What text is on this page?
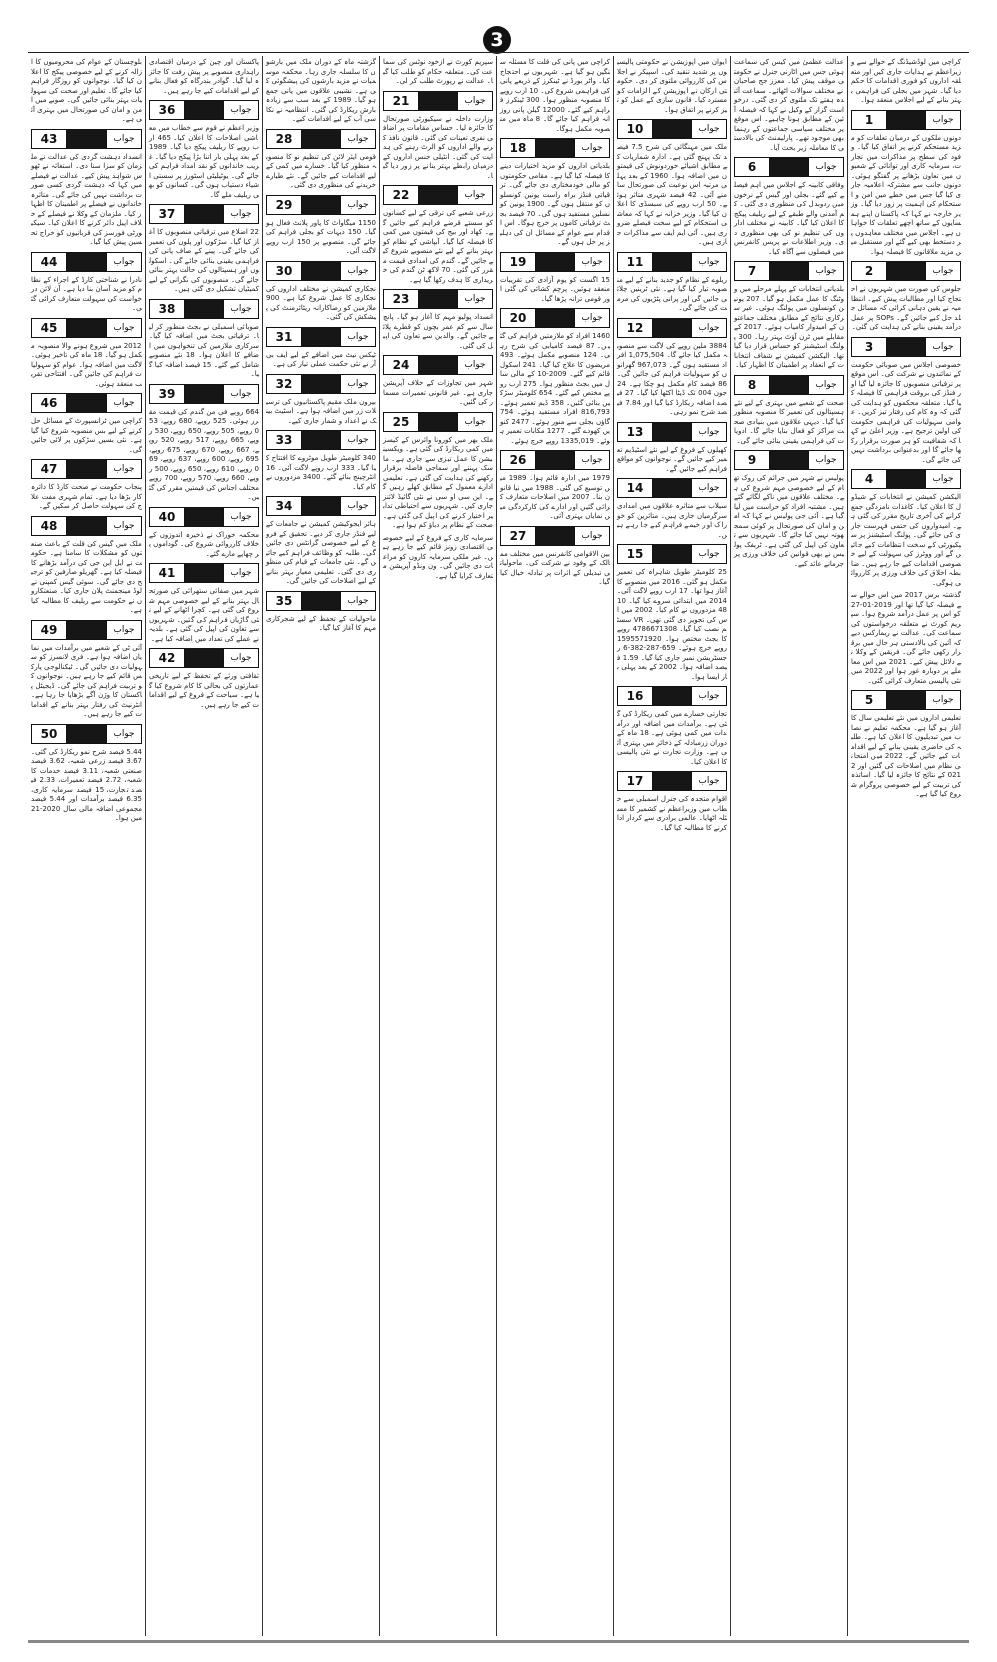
3

بلوچستان کے عوام کی محرومیوں کا ازالہ کرنے کے لیے خصوصی پیکج کا اعلان کیا گیا۔ نوجوانوں کو روزگار فراہم کیا جائے گا۔ تعلیم اور صحت کی سہولیات بہتر بنائی جائیں گی۔ صوبے میں امن و امان کی صورتحال میں بہتری آئی ہے۔

43	جواب

انسداد دہشت گردی کی عدالت نے ملزمان کو سزا سنا دی۔ استغاثہ نے ٹھوس شواہد پیش کیے۔ عدالت نے فیصلے میں کہا کہ دہشت گردی کسی صورت برداشت نہیں کی جائے گی۔ متاثرہ خاندانوں نے فیصلے پر اطمینان کا اظہار کیا۔ ملزمان کے وکلا نے فیصلے کے خلاف اپیل دائر کرنے کا اعلان کیا۔ سیکیورٹی فورسز کی قربانیوں کو خراج تحسین پیش کیا گیا۔

44	جواب

نادرا نے شناختی کارڈ کے اجراء کے نظام کو مزید آسان بنا دیا ہے۔ آن لائن درخواست کی سہولت متعارف کرائی گئی۔

45	جواب

2012 میں شروع ہونے والا منصوبہ مکمل ہو گیا۔ 18 ماہ کی تاخیر ہوئی۔ لاگت میں اضافہ ہوا۔ عوام کو سہولیات فراہم کی جائیں گی۔ افتتاحی تقریب منعقد ہوئی۔

46	جواب

کراچی میں ٹرانسپورٹ کے مسائل حل کرنے کے لیے بس منصوبہ شروع کیا گیا ہے۔ نئی بسیں سڑکوں پر لائی جائیں گی۔

47	جواب

پنجاب حکومت نے صحت کارڈ کا دائرہ کار بڑھا دیا ہے۔ تمام شہری مفت علاج کی سہولت حاصل کر سکیں گے۔

48	جواب

ملک میں گیس کی قلت کے باعث صنعتوں کو مشکلات کا سامنا ہے۔ حکومت نے ایل این جی کی درآمد بڑھانے کا فیصلہ کیا ہے۔ گھریلو صارفین کو ترجیح دی جائے گی۔ سوئی گیس کمپنی نے لوڈ مینجمنٹ پلان جاری کیا۔ صنعتکاروں نے حکومت سے ریلیف کا مطالبہ کیا ہے۔

49	جواب

آئی ٹی کے شعبے میں برآمدات میں نمایاں اضافہ ہوا ہے۔ فری لانسرز کو سہولیات دی جائیں گی۔ ٹیکنالوجی پارکس قائم کیے جا رہے ہیں۔ نوجوانوں کو تربیت فراہم کی جائے گی۔ ڈیجیٹل پاکستان کا وژن آگے بڑھایا جا رہا ہے۔ انٹرنیٹ کی رفتار بہتر بنانے کے اقدامات کیے جا رہے ہیں۔

50	جواب

5.44 فیصد شرح نمو ریکارڈ کی گئی۔ 3.67 فیصد زرعی شعبہ، 3.62 فیصد صنعتی شعبہ، 3.11 فیصد خدمات کا شعبہ، 2.72 فیصد تعمیرات، 2.33 فیصد تجارت، 15 فیصد سرمایہ کاری، 6.35 فیصد برآمدات اور 5.44 فیصد مجموعی اضافہ مالی سال 2020-21 میں ہوا۔

پاکستان اور چین کے درمیان اقتصادی راہداری منصوبے پر پیش رفت کا جائزہ لیا گیا۔ گوادر بندرگاہ کو فعال بنانے کے لیے اقدامات کیے جا رہے ہیں۔

36	جواب

وزیر اعظم نے قوم سے خطاب میں معاشی اصلاحات کا اعلان کیا۔ 465 ارب روپے کا ریلیف پیکج دیا گیا۔ 1989 کے بعد پہلی بار اتنا بڑا پیکج دیا گیا۔ غریب خاندانوں کو نقد امداد فراہم کی جائے گی۔ یوٹیلیٹی اسٹورز پر سستی اشیاء دستیاب ہوں گی۔ کسانوں کو بھی ریلیف ملے گا۔

37	جواب

22 اضلاع میں ترقیاتی منصوبوں کا آغاز کیا گیا۔ سڑکوں اور پلوں کی تعمیر کی جائے گی۔ پینے کے صاف پانی کی فراہمی یقینی بنائی جائے گی۔ اسکولوں اور ہسپتالوں کی حالت بہتر بنائی جائے گی۔ منصوبوں کی نگرانی کے لیے کمیٹیاں تشکیل دی گئی ہیں۔

38	جواب

صوبائی اسمبلی نے بجٹ منظور کر لیا۔ ترقیاتی بجٹ میں اضافہ کیا گیا۔ سرکاری ملازمین کی تنخواہوں میں اضافے کا اعلان ہوا۔ 18 نئے منصوبے شامل کیے گئے۔ 15 فیصد اضافہ کیا گیا۔

39	جواب

664 روپے فی من گندم کی قیمت مقرر ہوئی۔ 525 روپے، 680 روپے، 530 روپے، 505 روپے، 650 روپے، 530 روپے، 665 روپے، 517 روپے، 520 روپے، 667 روپے، 670 روپے، 675 روپے، 695 روپے، 600 روپے، 637 روپے، 690 روپے، 610 روپے، 650 روپے، 500 روپے، 660 روپے، 570 روپے، 700 روپے مختلف اجناس کی قیمتیں مقرر کی گئیں۔

40	جواب

محکمہ خوراک نے ذخیرہ اندوزوں کے خلاف کارروائی شروع کی۔ گوداموں پر چھاپے مارے گئے۔

41	جواب

شہر میں صفائی ستھرائی کی صورتحال بہتر بنانے کے لیے خصوصی مہم شروع کی گئی ہے۔ کچرا اٹھانے کے لیے نئی گاڑیاں فراہم کی گئیں۔ شہریوں سے تعاون کی اپیل کی گئی ہے۔ بلدیہ نے عملے کی تعداد میں اضافہ کیا ہے۔

42	جواب

ثقافتی ورثے کے تحفظ کے لیے تاریخی عمارتوں کی بحالی کا کام شروع کیا گیا ہے۔ سیاحت کے فروغ کے لیے اقدامات کیے جا رہے ہیں۔

گزشتہ ماہ کے دوران ملک میں بارشوں کا سلسلہ جاری رہا۔ محکمہ موسمیات نے مزید بارشوں کی پیشگوئی کی ہے۔ نشیبی علاقوں میں پانی جمع ہو گیا۔ 1989 کے بعد سب سے زیادہ بارش ریکارڈ کی گئی۔ انتظامیہ نے نکاسی آب کے لیے اقدامات کیے۔

28	جواب

قومی ایئر لائن کی تنظیم نو کا منصوبہ منظور کیا گیا۔ خسارے میں کمی کے لیے اقدامات کیے جائیں گے۔ نئے طیارے خریدنے کی منظوری دی گئی۔

29	جواب

1150 میگاواٹ کا پاور پلانٹ فعال ہو گیا۔ 150 دیہات کو بجلی فراہم کی جائے گی۔ منصوبے پر 150 ارب روپے لاگت آئی۔

30	جواب

نجکاری کمیشن نے مختلف اداروں کی نجکاری کا عمل شروع کیا ہے۔ 900 ملازمین کو رضاکارانہ ریٹائرمنٹ کی پیشکش کی گئی۔

31	جواب

ٹیکس نیٹ میں اضافے کے لیے ایف بی آر نے نئی حکمت عملی تیار کی ہے۔

32	جواب

بیرون ملک مقیم پاکستانیوں کی ترسیلات زر میں اضافہ ہوا ہے۔ اسٹیٹ بینک نے اعداد و شمار جاری کیے۔

33	جواب

340 کلومیٹر طویل موٹروے کا افتتاح کیا گیا۔ 333 ارب روپے لاگت آئی۔ 16 انٹرچینج بنائے گئے۔ 3400 مزدوروں نے کام کیا۔

34	جواب

ہائر ایجوکیشن کمیشن نے جامعات کے لیے فنڈز جاری کر دیے۔ تحقیق کے فروغ کے لیے خصوصی گرانٹس دی جائیں گی۔ طلبہ کو وظائف فراہم کیے جائیں گے۔ نئی جامعات کے قیام کی منظوری دی گئی۔ تعلیمی معیار بہتر بنانے کے لیے اصلاحات کی جائیں گی۔

35	جواب

ماحولیات کے تحفظ کے لیے شجرکاری مہم کا آغاز کیا گیا۔

سپریم کورٹ نے ازخود نوٹس کی سماعت کی۔ متعلقہ حکام کو طلب کیا گیا۔ عدالت نے رپورٹ طلب کر لی۔

21	جواب

وزارت داخلہ نے سیکیورٹی صورتحال کا جائزہ لیا۔ حساس مقامات پر اضافی نفری تعینات کی گئی۔ قانون نافذ کرنے والے اداروں کو الرٹ رہنے کی ہدایت کی گئی۔ انٹیلی جنس اداروں کے درمیان رابطے بہتر بنانے پر زور دیا گیا۔

22	جواب

زرعی شعبے کی ترقی کے لیے کسانوں کو سستے قرضے فراہم کیے جائیں گے۔ کھاد اور بیج کی قیمتوں میں کمی کا فیصلہ کیا گیا۔ آبپاشی کے نظام کو بہتر بنانے کے لیے نئے منصوبے شروع کیے جائیں گے۔ گندم کی امدادی قیمت مقرر کی گئی۔ 70 لاکھ ٹن گندم کی خریداری کا ہدف رکھا گیا ہے۔

23	جواب

انسداد پولیو مہم کا آغاز ہو گیا۔ پانچ سال سے کم عمر بچوں کو قطرے پلائے جائیں گے۔ والدین سے تعاون کی اپیل کی گئی۔

24	جواب

شہر میں تجاوزات کے خلاف آپریشن جاری ہے۔ غیر قانونی تعمیرات مسمار کی گئیں۔

25	جواب

ملک بھر میں کورونا وائرس کے کیسز میں کمی ریکارڈ کی گئی ہے۔ ویکسینیشن کا عمل تیزی سے جاری ہے۔ ماسک پہننے اور سماجی فاصلہ برقرار رکھنے کی ہدایت کی گئی ہے۔ تعلیمی ادارے معمول کے مطابق کھلے رہیں گے۔ این سی او سی نے نئی گائیڈ لائنز جاری کیں۔ شہریوں سے احتیاطی تدابیر اختیار کرنے کی اپیل کی گئی ہے۔ صحت کے نظام پر دباؤ کم ہوا ہے۔

سرمایہ کاری کے فروغ کے لیے خصوصی اقتصادی زونز قائم کیے جا رہے ہیں۔ غیر ملکی سرمایہ کاروں کو مراعات دی جائیں گی۔ ون ونڈو آپریشن متعارف کرایا گیا ہے۔

کراچی میں پانی کی قلت کا مسئلہ سنگین ہو گیا ہے۔ شہریوں نے احتجاج کیا۔ واٹر بورڈ نے ٹینکرز کے ذریعے پانی کی فراہمی شروع کی۔ 10 ارب روپے کا منصوبہ منظور ہوا۔ 300 ٹینکرز فراہم کیے گئے۔ 12000 گیلن پانی روزانہ فراہم کیا جائے گا۔ 8 ماہ میں منصوبہ مکمل ہوگا۔

18	جواب

بلدیاتی اداروں کو مزید اختیارات دینے کا فیصلہ کیا گیا ہے۔ مقامی حکومتوں کو مالی خودمختاری دی جائے گی۔ ترقیاتی فنڈز براہ راست یونین کونسلوں کو منتقل ہوں گے۔ 1900 یونین کونسلیں مستفید ہوں گی۔ 70 فیصد بجٹ ترقیاتی کاموں پر خرچ ہوگا۔ اس اقدام سے عوام کے مسائل ان کی دہلیز پر حل ہوں گے۔

19	جواب

15 اگست کو یوم آزادی کی تقریبات منعقد ہوئیں۔ پرچم کشائی کی گئی اور قومی ترانہ پڑھا گیا۔

20	جواب

1460 افراد کو ملازمتیں فراہم کی گئیں۔ 87 فیصد کامیابی کی شرح رہی۔ 124 منصوبے مکمل ہوئے۔ 493 مریضوں کا علاج کیا گیا۔ 241 اسکول قائم کیے گئے۔ 2009-10 کے مالی سال میں بجٹ منظور ہوا۔ 275 ارب روپے مختص کیے گئے۔ 654 کلومیٹر سڑکیں بنائی گئیں۔ 358 ڈیم تعمیر ہوئے۔ 816,793 افراد مستفید ہوئے۔ 754 گاؤں بجلی سے منور ہوئے۔ 2477 کنویں کھودے گئے۔ 1277 مکانات تعمیر ہوئے۔ 1335,019 روپے خرچ ہوئے۔

26	جواب

1979 میں ادارہ قائم ہوا۔ 1989 میں توسیع کی گئی۔ 1988 میں نیا قانون بنا۔ 2007 میں اصلاحات متعارف کرائی گئیں اور ادارے کی کارکردگی میں نمایاں بہتری آئی۔

27	جواب

بین الاقوامی کانفرنس میں مختلف ممالک کے وفود نے شرکت کی۔ ماحولیاتی تبدیلی کے اثرات پر تبادلہ خیال کیا گیا۔

ایوان میں اپوزیشن نے حکومتی پالیسیوں پر شدید تنقید کی۔ اسپیکر نے اجلاس کی کارروائی ملتوی کر دی۔ حکومتی ارکان نے اپوزیشن کے الزامات کو مسترد کیا۔ قانون سازی کے عمل کو تیز کرنے پر اتفاق ہوا۔

10	جواب

ملک میں مہنگائی کی شرح 7.5 فیصد تک پہنچ گئی ہے۔ ادارہ شماریات کے مطابق اشیائے خوردونوش کی قیمتوں میں اضافہ ہوا۔ 1960 کے بعد پہلی مرتبہ اس نوعیت کی صورتحال سامنے آئی۔ 42 فیصد شہری متاثر ہوئے۔ 50 ارب روپے کی سبسڈی کا اعلان کیا گیا۔ وزیر خزانہ نے کہا کہ معاشی استحکام کے لیے سخت فیصلے ضروری ہیں۔ آئی ایم ایف سے مذاکرات جاری ہیں۔

11	جواب

ریلوے کے نظام کو جدید بنانے کے لیے منصوبہ تیار کیا گیا ہے۔ نئی ٹرینیں چلائی جائیں گی اور پرانی پٹڑیوں کی مرمت کی جائے گی۔

12	جواب

3884 ملین روپے کی لاگت سے منصوبہ مکمل کیا جائے گا۔ 1,075,504 افراد مستفید ہوں گے۔ 967,073 گھرانوں کو سہولیات فراہم کی جائیں گی۔ 86 فیصد کام مکمل ہو چکا ہے۔ 24 جون 004 تک ڈیٹا اکٹھا کیا گیا۔ 27 فیصد اضافہ ریکارڈ کیا گیا اور 7.84 فیصد شرح نمو رہی۔

13	جواب

کھیلوں کے فروغ کے لیے نئے اسٹیڈیم تعمیر کیے جائیں گے۔ نوجوانوں کو مواقع فراہم کیے جائیں گے۔

14	جواب

سیلاب سے متاثرہ علاقوں میں امدادی سرگرمیاں جاری ہیں۔ متاثرین کو خوراک اور خیمے فراہم کیے جا رہے ہیں۔

15	جواب

25 کلومیٹر طویل شاہراہ کی تعمیر مکمل ہو گئی۔ 2016 میں منصوبے کا آغاز ہوا تھا۔ 17 ارب روپے لاگت آئی۔ 2014 میں ابتدائی سروے کیا گیا۔ 1048 مزدوروں نے کام کیا۔ 2002 میں اس کی تجویز دی گئی تھی۔ VR سسٹم نصب کیا گیا۔ 4786671308 روپے کا بجٹ مختص ہوا۔ 1595571920 روپے خرچ ہوئے۔ 659-287-382-6 رجسٹریشن نمبر جاری کیا گیا۔ 1.59 فیصد اضافہ ہوا۔ 2002 کے بعد پہلی بار ایسا ہوا۔

16	جواب

تجارتی خسارے میں کمی ریکارڈ کی گئی ہے۔ برآمدات میں اضافہ اور درآمدات میں کمی ہوئی ہے۔ 18 ماہ کے دوران زرمبادلہ کے ذخائر میں بہتری آئی ہے۔ وزارت تجارت نے نئی پالیسی کا اعلان کیا۔

17	جواب

اقوام متحدہ کی جنرل اسمبلی سے خطاب میں وزیراعظم نے کشمیر کا مسئلہ اٹھایا۔ عالمی برادری سے کردار ادا کرنے کا مطالبہ کیا گیا۔

عدالت عظمیٰ میں کیس کی سماعت ہوئی جس میں اٹارنی جنرل نے حکومتی موقف پیش کیا۔ معزز جج صاحبان نے مختلف سوالات اٹھائے۔ سماعت آئندہ ہفتے تک ملتوی کر دی گئی۔ درخواست گزار کے وکیل نے کہا کہ فیصلہ آئین کے مطابق ہونا چاہیے۔ اس موقع پر مختلف سیاسی جماعتوں کے رہنما بھی موجود تھے۔ پارلیمنٹ کی بالادستی کا معاملہ زیر بحث آیا۔

6	جواب

وفاقی کابینہ کے اجلاس میں اہم فیصلے کیے گئے۔ بجلی اور گیس کے نرخوں میں ردوبدل کی منظوری دی گئی۔ کم آمدنی والے طبقے کے لیے ریلیف پیکج کا اعلان کیا گیا۔ کابینہ نے مختلف اداروں کی تنظیم نو کی بھی منظوری دی۔ وزیر اطلاعات نے پریس کانفرنس میں فیصلوں سے آگاہ کیا۔

7	جواب

بلدیاتی انتخابات کے پہلے مرحلے میں ووٹنگ کا عمل مکمل ہو گیا۔ 207 یونین کونسلوں میں پولنگ ہوئی۔ غیر سرکاری نتائج کے مطابق مختلف جماعتوں کے امیدوار کامیاب ہوئے۔ 2017 کے مقابلے میں ٹرن آؤٹ بہتر رہا۔ 300 پولنگ اسٹیشنز کو حساس قرار دیا گیا تھا۔ الیکشن کمیشن نے شفاف انتخابات کے انعقاد پر اطمینان کا اظہار کیا۔

8	جواب

صحت کے شعبے میں بہتری کے لیے نئے ہسپتالوں کی تعمیر کا منصوبہ منظور کیا گیا۔ دیہی علاقوں میں بنیادی صحت مراکز کو فعال بنایا جائے گا۔ ادویات کی فراہمی یقینی بنائی جائے گی۔

9	جواب

پولیس نے شہر میں جرائم کی روک تھام کے لیے خصوصی مہم شروع کی ہے۔ مختلف علاقوں میں ناکے لگائے گئے ہیں۔ مشتبہ افراد کو حراست میں لیا گیا ہے۔ آئی جی پولیس نے کہا کہ امن و امان کی صورتحال پر کوئی سمجھوتہ نہیں کیا جائے گا۔ شہریوں سے تعاون کی اپیل کی گئی ہے۔ ٹریفک پولیس نے بھی قوانین کی خلاف ورزی پر جرمانے عائد کیے۔

کراچی میں لوڈشیڈنگ کے حوالے سے وزیراعظم نے ہدایات جاری کیں اور متعلقہ اداروں کو فوری اقدامات کا حکم دیا گیا۔ شہر میں بجلی کی فراہمی بہتر بنانے کے لیے اجلاس منعقد ہوا۔

1	جواب

دونوں ملکوں کے درمیان تعلقات کو مزید مستحکم کرنے پر اتفاق کیا گیا۔ وفود کی سطح پر مذاکرات میں تجارت، سرمایہ کاری اور توانائی کے شعبوں میں تعاون بڑھانے پر گفتگو ہوئی۔ دونوں جانب سے مشترکہ اعلامیہ جاری کیا گیا جس میں خطے میں امن و استحکام کی اہمیت پر زور دیا گیا۔ وزیر خارجہ نے کہا کہ پاکستان اپنے ہمسایوں کے ساتھ اچھے تعلقات کا خواہاں ہے۔ اجلاس میں مختلف معاہدوں پر دستخط بھی کیے گئے اور مستقبل میں مزید ملاقاتوں کا فیصلہ ہوا۔

2	جواب

جلوس کی صورت میں شہریوں نے احتجاج کیا اور مطالبات پیش کیے۔ انتظامیہ نے یقین دہانی کرائی کہ مسائل جلد حل کیے جائیں گے۔ SOPs پر عمل درآمد یقینی بنانے کی ہدایت کی گئی۔

3	جواب

خصوصی اجلاس میں صوبائی حکومت کے نمائندوں نے شرکت کی۔ اس موقع پر ترقیاتی منصوبوں کا جائزہ لیا گیا اور فنڈز کی بروقت فراہمی کا فیصلہ کیا گیا۔ متعلقہ محکموں کو ہدایت کی گئی کہ وہ کام کی رفتار تیز کریں۔ عوامی سہولیات کی فراہمی حکومت کی اولین ترجیح ہے۔ وزیر اعلیٰ نے کہا کہ شفافیت کو ہر صورت برقرار رکھا جائے گا اور بدعنوانی برداشت نہیں کی جائے گی۔

4	جواب

الیکشن کمیشن نے انتخابات کے شیڈول کا اعلان کیا۔ کاغذات نامزدگی جمع کرانے کی آخری تاریخ مقرر کی گئی ہے۔ امیدواروں کی حتمی فہرست جاری کی جائے گی۔ پولنگ اسٹیشنز پر سیکیورٹی کے سخت انتظامات کیے جائیں گے اور ووٹرز کی سہولت کے لیے خصوصی اقدامات کیے جا رہے ہیں۔ ضابطہ اخلاق کی خلاف ورزی پر کارروائی ہوگی۔

گذشتہ برس 2017 میں اس حوالے سے فیصلہ کیا گیا تھا اور 2019-01-27 کو اس پر عمل درآمد شروع ہوا۔ سپریم کورٹ نے متعلقہ درخواستوں کی سماعت کی۔ عدالت نے ریمارکس دیے کہ آئین کی بالادستی ہر حال میں برقرار رکھی جائے گی۔ فریقین کے وکلا نے دلائل پیش کیے۔ 2021 میں اس معاملے پر دوبارہ غور ہوا اور 2022 میں نئی پالیسی متعارف کرائی گئی۔

5	جواب

تعلیمی اداروں میں نئے تعلیمی سال کا آغاز ہو گیا ہے۔ محکمہ تعلیم نے نصاب میں تبدیلیوں کا اعلان کیا ہے۔ طلبہ کی حاضری یقینی بنانے کے لیے اقدامات کیے جائیں گے۔ 2022 میں امتحانی نظام میں اصلاحات کی گئیں اور 2021 کے نتائج کا جائزہ لیا گیا۔ اساتذہ کی تربیت کے لیے خصوصی پروگرام شروع کیا گیا ہے۔
